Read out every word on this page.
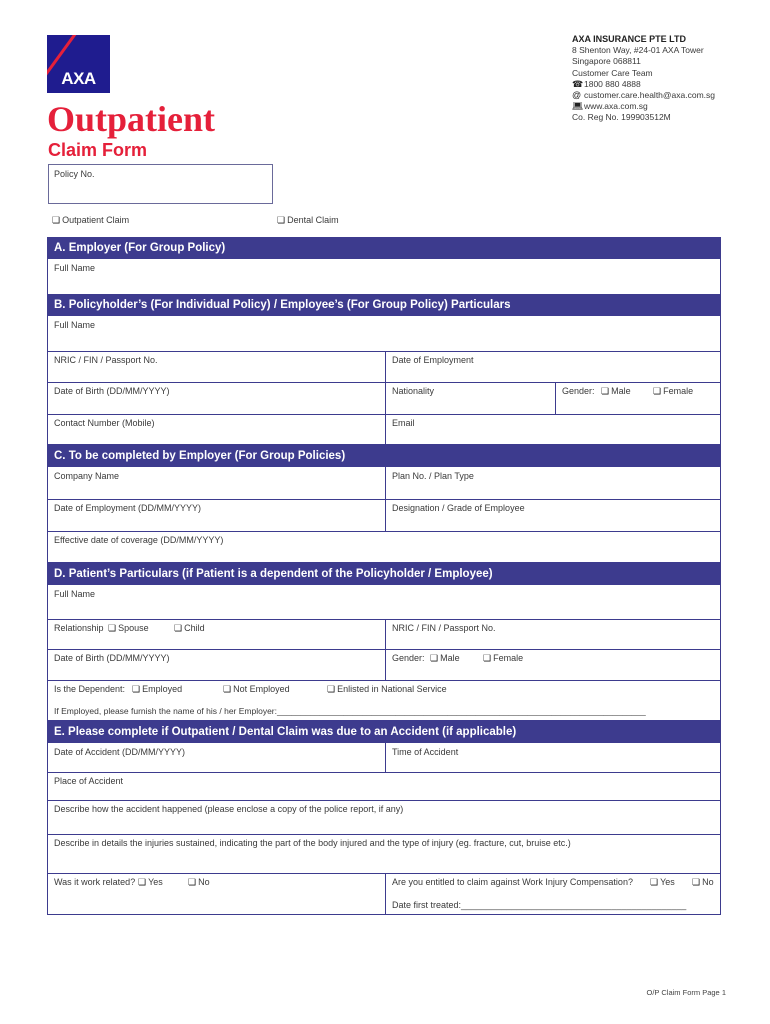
AXA
Outpatient
Claim Form
AXA INSURANCE PTE LTD
8 Shenton Way, #24-01 AXA Tower
Singapore 068811
Customer Care Team
☎1800 880 4888
@ customer.care.health@axa.com.sg
💻︎www.axa.com.sg
Co. Reg No. 199903512M
Policy No.
❏ Outpatient Claim	❏ Dental Claim
A. Employer (For Group Policy)
Full Name
B. Policyholder’s (For Individual Policy) / Employee’s (For Group Policy) Particulars
Full Name
NRIC / FIN / Passport No.	Date of Employment
Date of Birth (DD/MM/YYYY)	Nationality	Gender: ❏ Male ❏ Female
Contact Number (Mobile)	Email
C. To be completed by Employer (For Group Policies)
Company Name	Plan No. / Plan Type
Date of Employment (DD/MM/YYYY)	Designation / Grade of Employee
Effective date of coverage (DD/MM/YYYY)
D. Patient’s Particulars (if Patient is a dependent of the Policyholder / Employee)
Full Name
Relationship ❏ Spouse	❏ Child	NRIC / FIN / Passport No.
Date of Birth (DD/MM/YYYY)	Gender: ❏ Male	❏ Female
Is the Dependent: ❏ Employed	❏ Not Employed	❏ Enlisted in National Service
If Employed, please furnish the name of his / her Employer:______________________________________________________________________________
E. Please complete if Outpatient / Dental Claim was due to an Accident (if applicable)
Date of Accident (DD/MM/YYYY)	Time of Accident
Place of Accident
Describe how the accident happened (please enclose a copy of the police report, if any)
Describe in details the injuries sustained, indicating the part of the body injured and the type of injury (eg. fracture, cut, bruise etc.)
Was it work related? ❏ Yes	❏ No	Are you entitled to claim against Work Injury Compensation? ❏ Yes ❏ No
Date first treated:_____________________________________________
O/P Claim Form Page 1
